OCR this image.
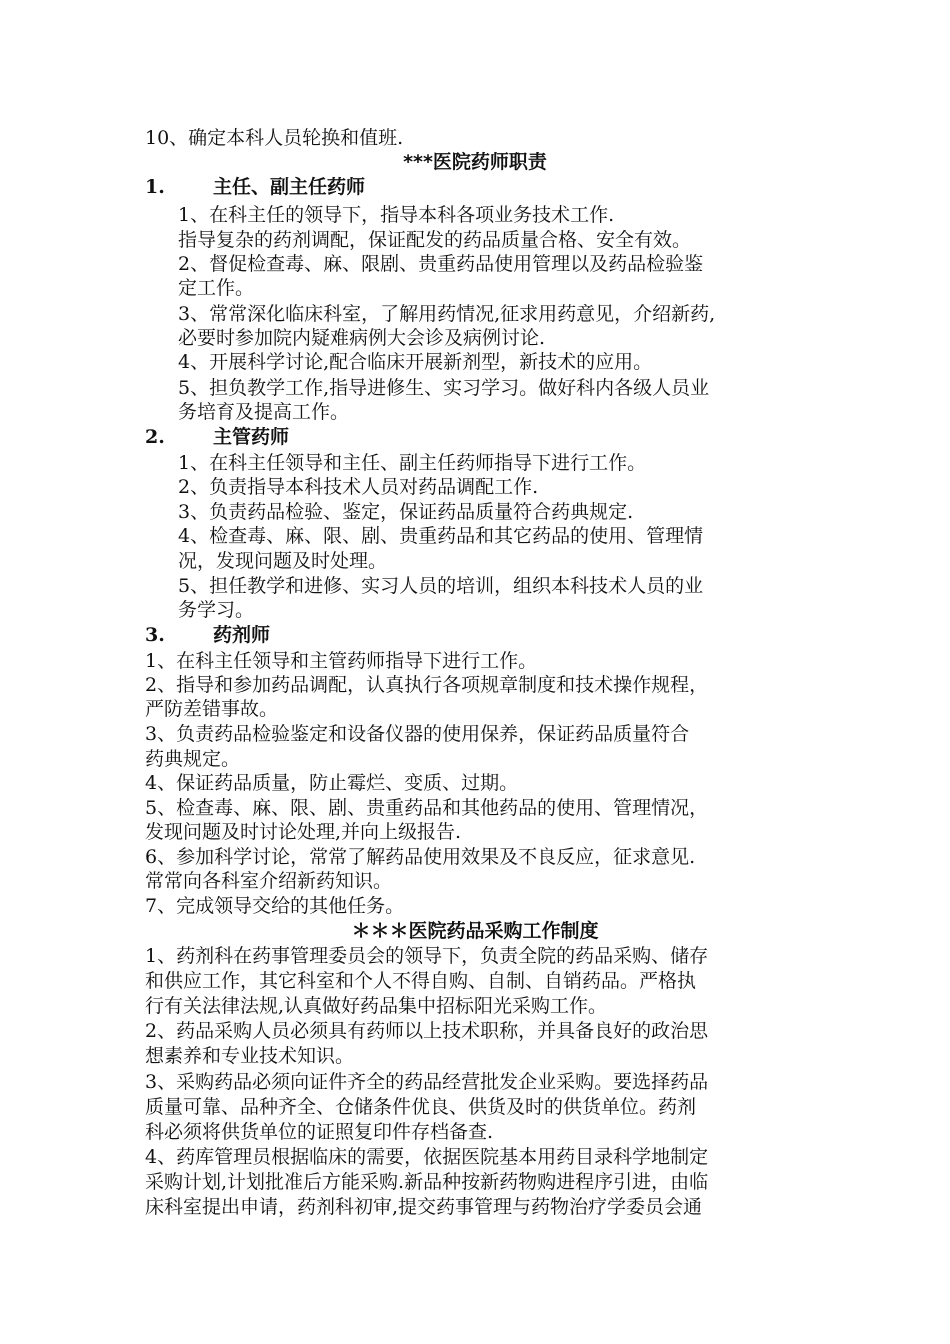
10、确定本科人员轮换和值班.
***医院药师职责
1.	主任、副主任药师
1、在科主任的领导下，指导本科各项业务技术工作.
指导复杂的药剂调配，保证配发的药品质量合格、安全有效。
2、督促检查毒、麻、限剧、贵重药品使用管理以及药品检验鉴
定工作。
3、常常深化临床科室，了解用药情况,征求用药意见，介绍新药,
必要时参加院内疑难病例大会诊及病例讨论.
4、开展科学讨论,配合临床开展新剂型，新技术的应用。
5、担负教学工作,指导进修生、实习学习。做好科内各级人员业
务培育及提高工作。
2.	主管药师
1、在科主任领导和主任、副主任药师指导下进行工作。
2、负责指导本科技术人员对药品调配工作.
3、负责药品检验、鉴定，保证药品质量符合药典规定.
4、检查毒、麻、限、剧、贵重药品和其它药品的使用、管理情
况，发现问题及时处理。
5、担任教学和进修、实习人员的培训，组织本科技术人员的业
务学习。
3.	药剂师
1、在科主任领导和主管药师指导下进行工作。
2、指导和参加药品调配，认真执行各项规章制度和技术操作规程，
严防差错事故。
3、负责药品检验鉴定和设备仪器的使用保养，保证药品质量符合
药典规定。
4、保证药品质量，防止霉烂、变质、过期。
5、检查毒、麻、限、剧、贵重药品和其他药品的使用、管理情况，
发现问题及时讨论处理,并向上级报告.
6、参加科学讨论，常常了解药品使用效果及不良反应，征求意见.
常常向各科室介绍新药知识。
7、完成领导交给的其他任务。
＊＊＊医院药品采购工作制度
1、药剂科在药事管理委员会的领导下，负责全院的药品采购、储存
和供应工作，其它科室和个人不得自购、自制、自销药品。严格执
行有关法律法规,认真做好药品集中招标阳光采购工作。
2、药品采购人员必须具有药师以上技术职称，并具备良好的政治思
想素养和专业技术知识。
3、采购药品必须向证件齐全的药品经营批发企业采购。要选择药品
质量可靠、品种齐全、仓储条件优良、供货及时的供货单位。药剂
科必须将供货单位的证照复印件存档备查.
4、药库管理员根据临床的需要，依据医院基本用药目录科学地制定
采购计划,计划批准后方能采购.新品种按新药物购进程序引进，由临
床科室提出申请，药剂科初审,提交药事管理与药物治疗学委员会通
